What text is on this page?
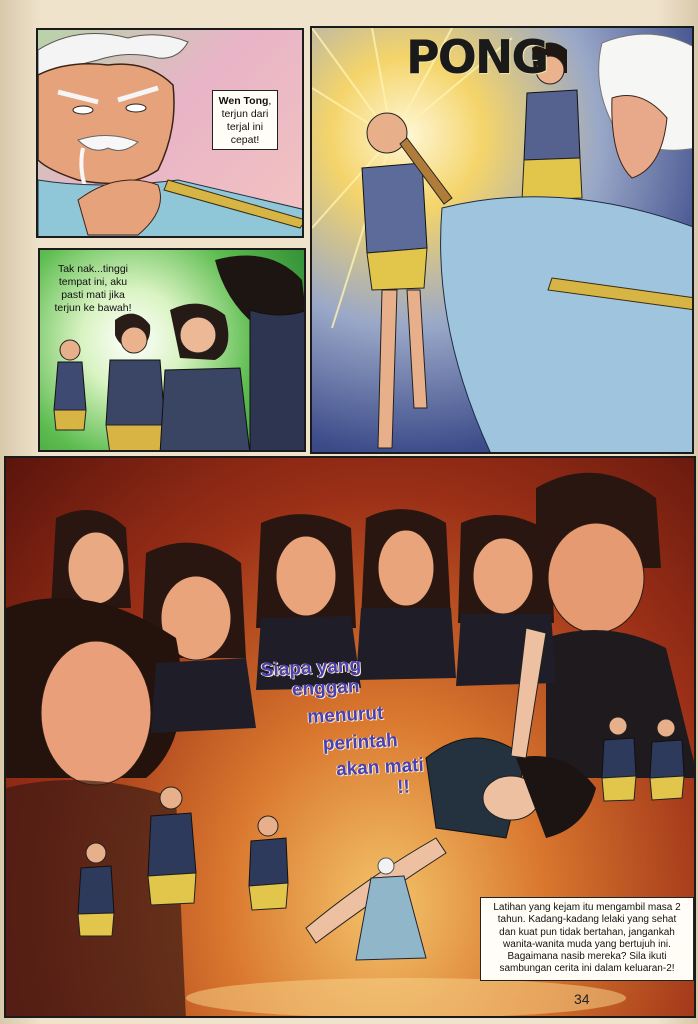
Wen Tong,
terjun dari
terjal ini
cepat!
Tak nak...tinggi
tempat ini, aku
pasti mati jika
terjun ke bawah!
PONG
Siapa yang
enggan
menurut
perintah
akan mati
!!
Latihan yang kejam itu mengambil masa 2
tahun. Kadang-kadang lelaki yang sehat
dan kuat pun tidak bertahan, jangankah
wanita-wanita muda yang bertujuh ini.
Bagaimana nasib mereka? Sila ikuti
sambungan cerita ini dalam keluaran-2!
34
